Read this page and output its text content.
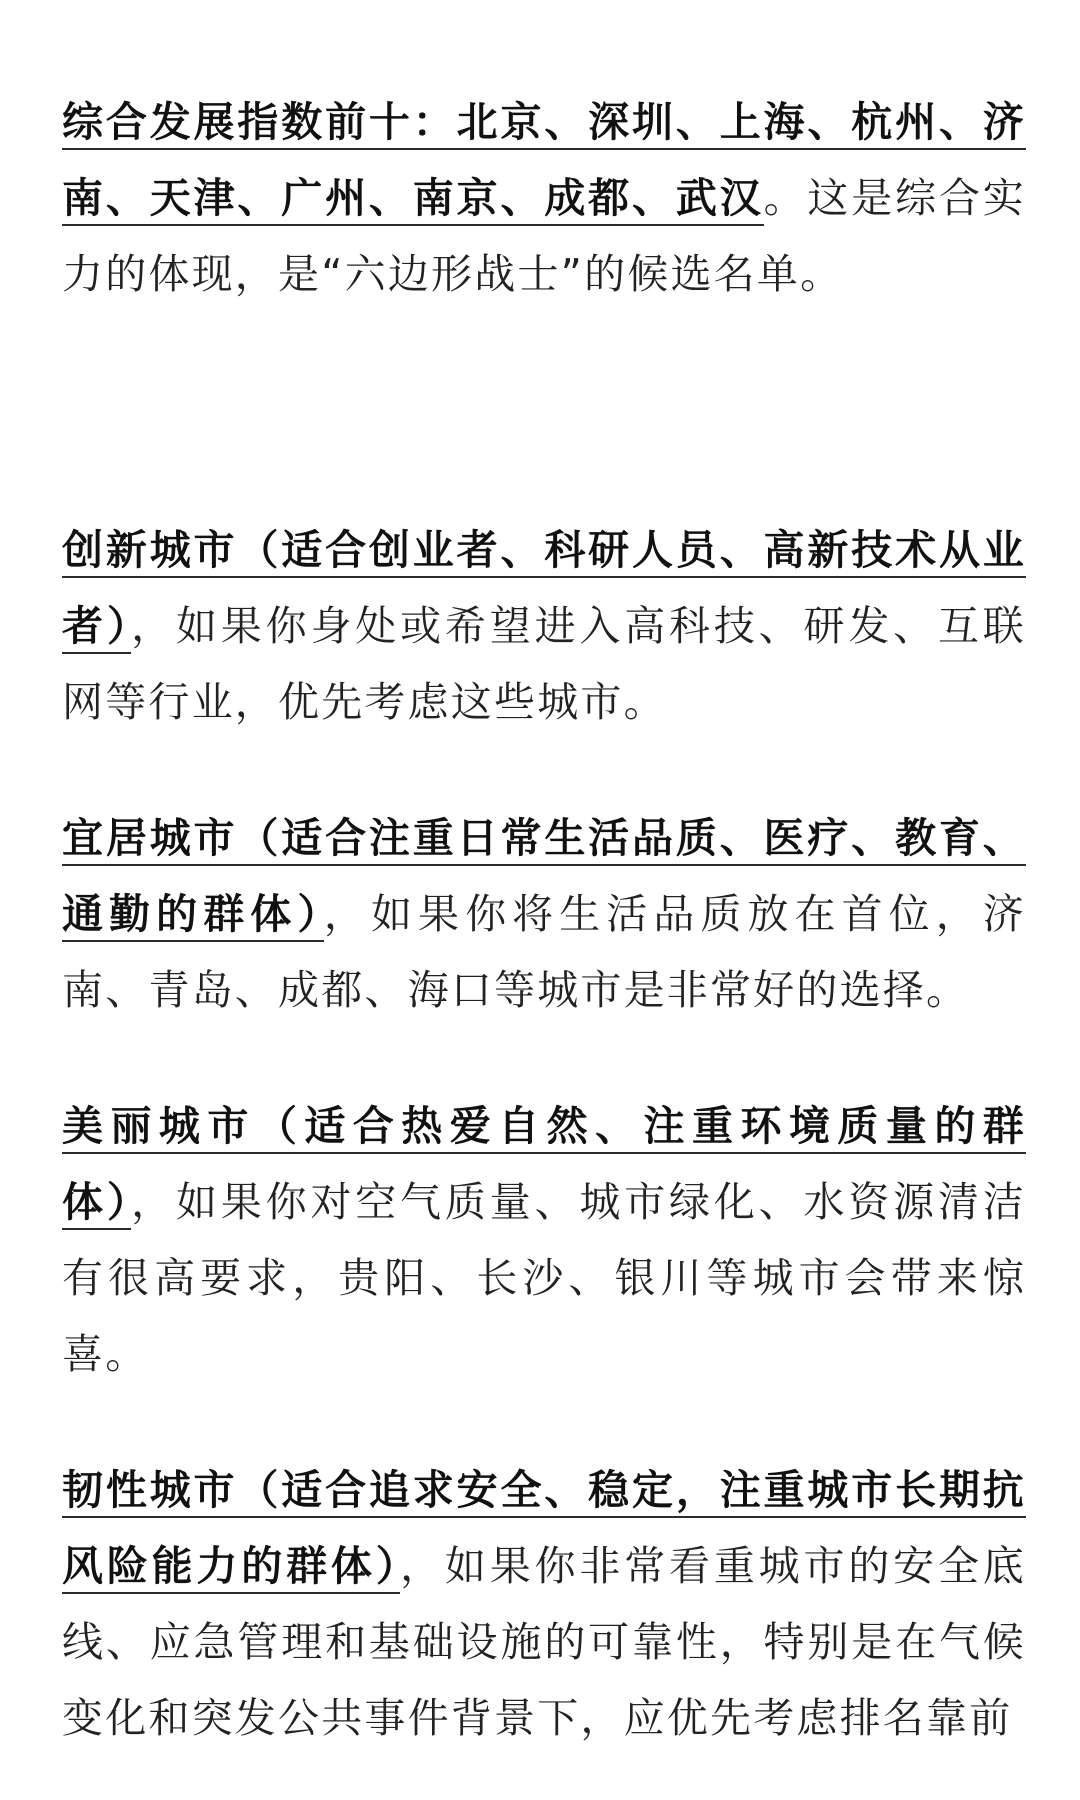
综合发展指数前十：北京、深圳、上海、杭州、济南、天津、广州、南京、成都、武汉。这是综合实力的体现，是“六边形战士”的候选名单。

创新城市（适合创业者、科研人员、高新技术从业者），如果你身处或希望进入高科技、研发、互联网等行业，优先考虑这些城市。

宜居城市（适合注重日常生活品质、医疗、教育、通勤的群体），如果你将生活品质放在首位，济南、青岛、成都、海口等城市是非常好的选择。

美丽城市（适合热爱自然、注重环境质量的群体），如果你对空气质量、城市绿化、水资源清洁有很高要求，贵阳、长沙、银川等城市会带来惊喜。

韧性城市（适合追求安全、稳定，注重城市长期抗风险能力的群体），如果你非常看重城市的安全底线、应急管理和基础设施的可靠性，特别是在气候变化和突发公共事件背景下，应优先考虑排名靠前
